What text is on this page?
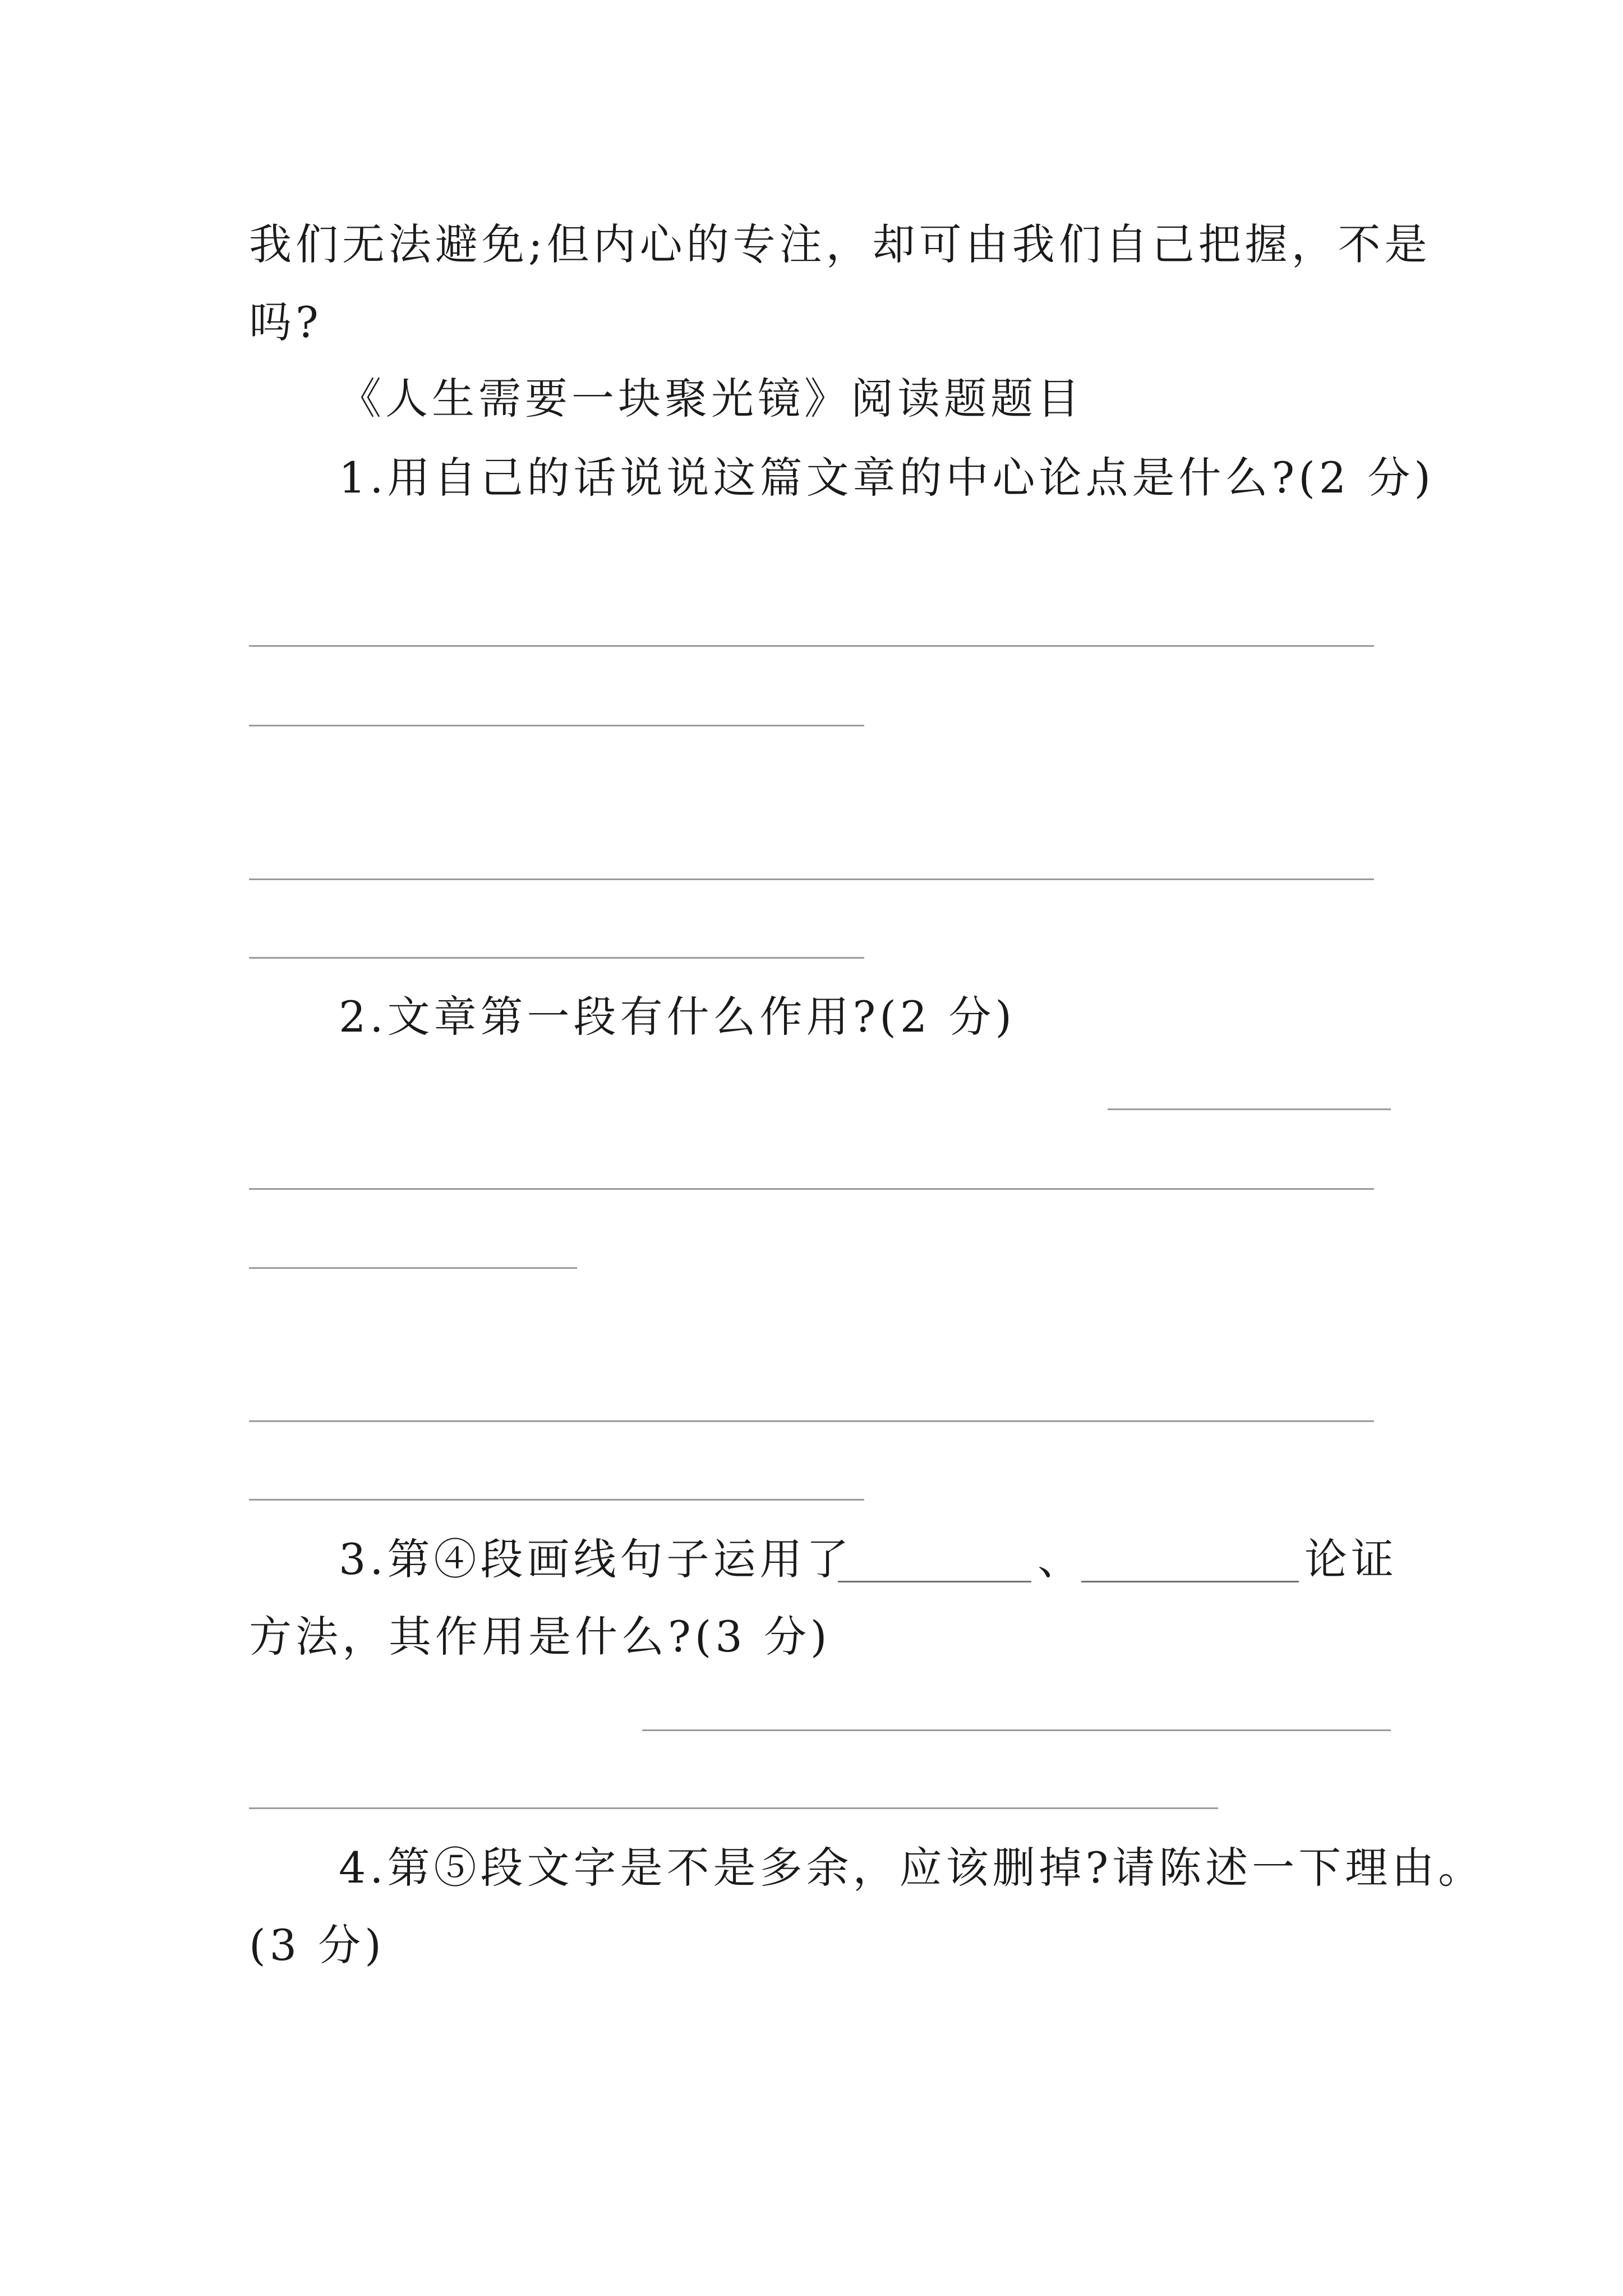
我们无法避免;但内心的专注，却可由我们自己把握，不是
吗?
《人生需要一块聚光镜》阅读题题目
1.用自己的话说说这篇文章的中心论点是什么?(2 分)
2.文章第一段有什么作用?(2 分)
3.第④段画线句子运用了	、	论证
方法，其作用是什么?(3 分)
4.第⑤段文字是不是多余，应该删掉?请陈述一下理由。
(3 分)
